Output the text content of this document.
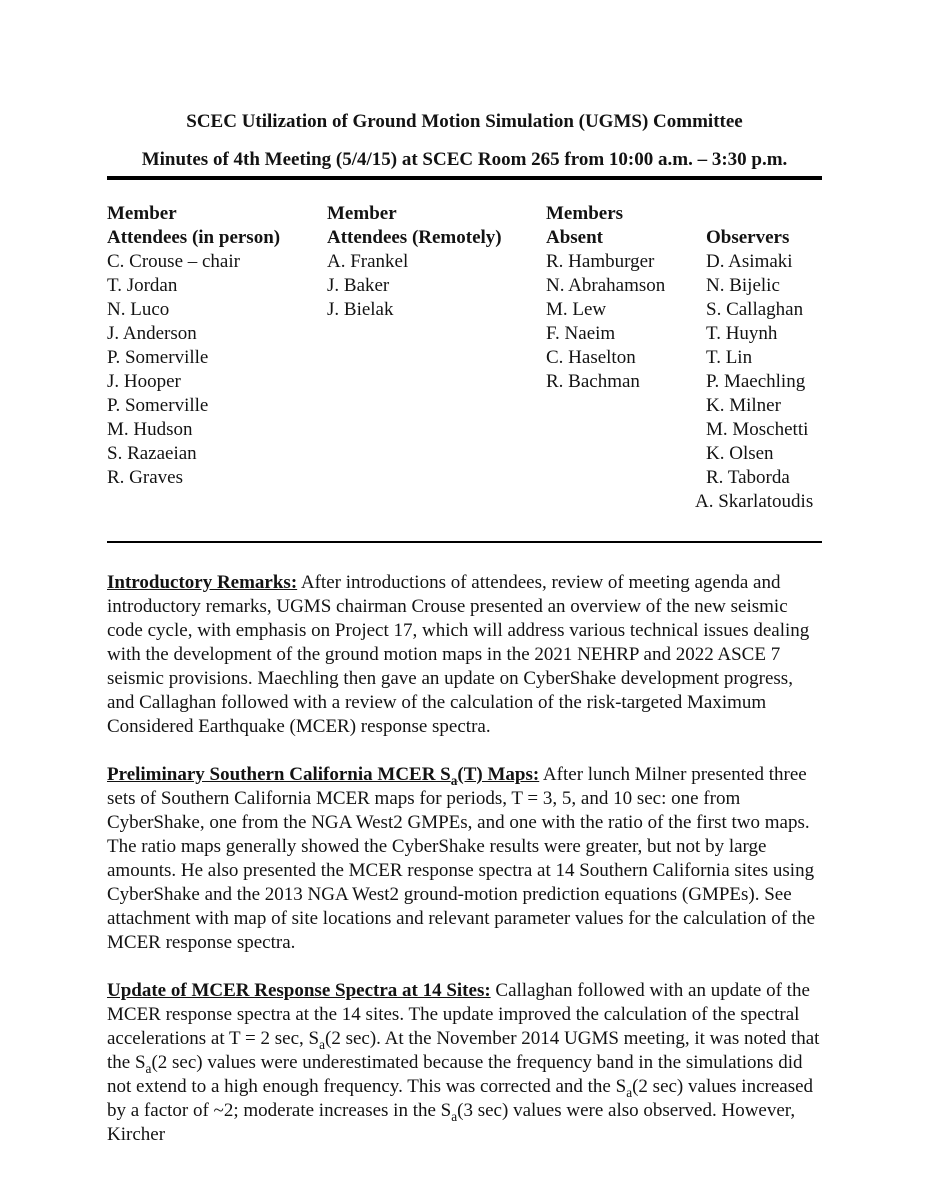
SCEC Utilization of Ground Motion Simulation (UGMS) Committee
Minutes of 4th Meeting (5/4/15) at SCEC Room 265 from 10:00 a.m. – 3:30 p.m.
Member
Attendees (in person)
C. Crouse – chair
T. Jordan
N. Luco
J. Anderson
P. Somerville
J. Hooper
P. Somerville
M. Hudson
S. Razaeian
R. Graves
Member
Attendees (Remotely)
A. Frankel
J. Baker
J. Bielak
Members
Absent
R. Hamburger
N. Abrahamson
M. Lew
F. Naeim
C. Haselton
R. Bachman
Observers
D. Asimaki
N. Bijelic
S. Callaghan
T. Huynh
T. Lin
P. Maechling
K. Milner
M. Moschetti
K. Olsen
R. Taborda
A. Skarlatoudis
Introductory Remarks: After introductions of attendees, review of meeting agenda and introductory remarks, UGMS chairman Crouse presented an overview of the new seismic code cycle, with emphasis on Project 17, which will address various technical issues dealing with the development of the ground motion maps in the 2021 NEHRP and 2022 ASCE 7 seismic provisions. Maechling then gave an update on CyberShake development progress, and Callaghan followed with a review of the calculation of the risk-targeted Maximum Considered Earthquake (MCER) response spectra.
Preliminary Southern California MCER $S_a(T)$ Maps: After lunch Milner presented three sets of Southern California MCER maps for periods, T = 3, 5, and 10 sec: one from CyberShake, one from the NGA West2 GMPEs, and one with the ratio of the first two maps. The ratio maps generally showed the CyberShake results were greater, but not by large amounts. He also presented the MCER response spectra at 14 Southern California sites using CyberShake and the 2013 NGA West2 ground-motion prediction equations (GMPEs). See attachment with map of site locations and relevant parameter values for the calculation of the MCER response spectra.
Update of MCER Response Spectra at 14 Sites: Callaghan followed with an update of the MCER response spectra at the 14 sites. The update improved the calculation of the spectral accelerations at T = 2 sec, $S_a(2$ sec). At the November 2014 UGMS meeting, it was noted that the $S_a(2$ sec) values were underestimated because the frequency band in the simulations did not extend to a high enough frequency. This was corrected and the $S_a(2$ sec) values increased by a factor of ~2; moderate increases in the $S_a(3$ sec) values were also observed. However, Kircher
